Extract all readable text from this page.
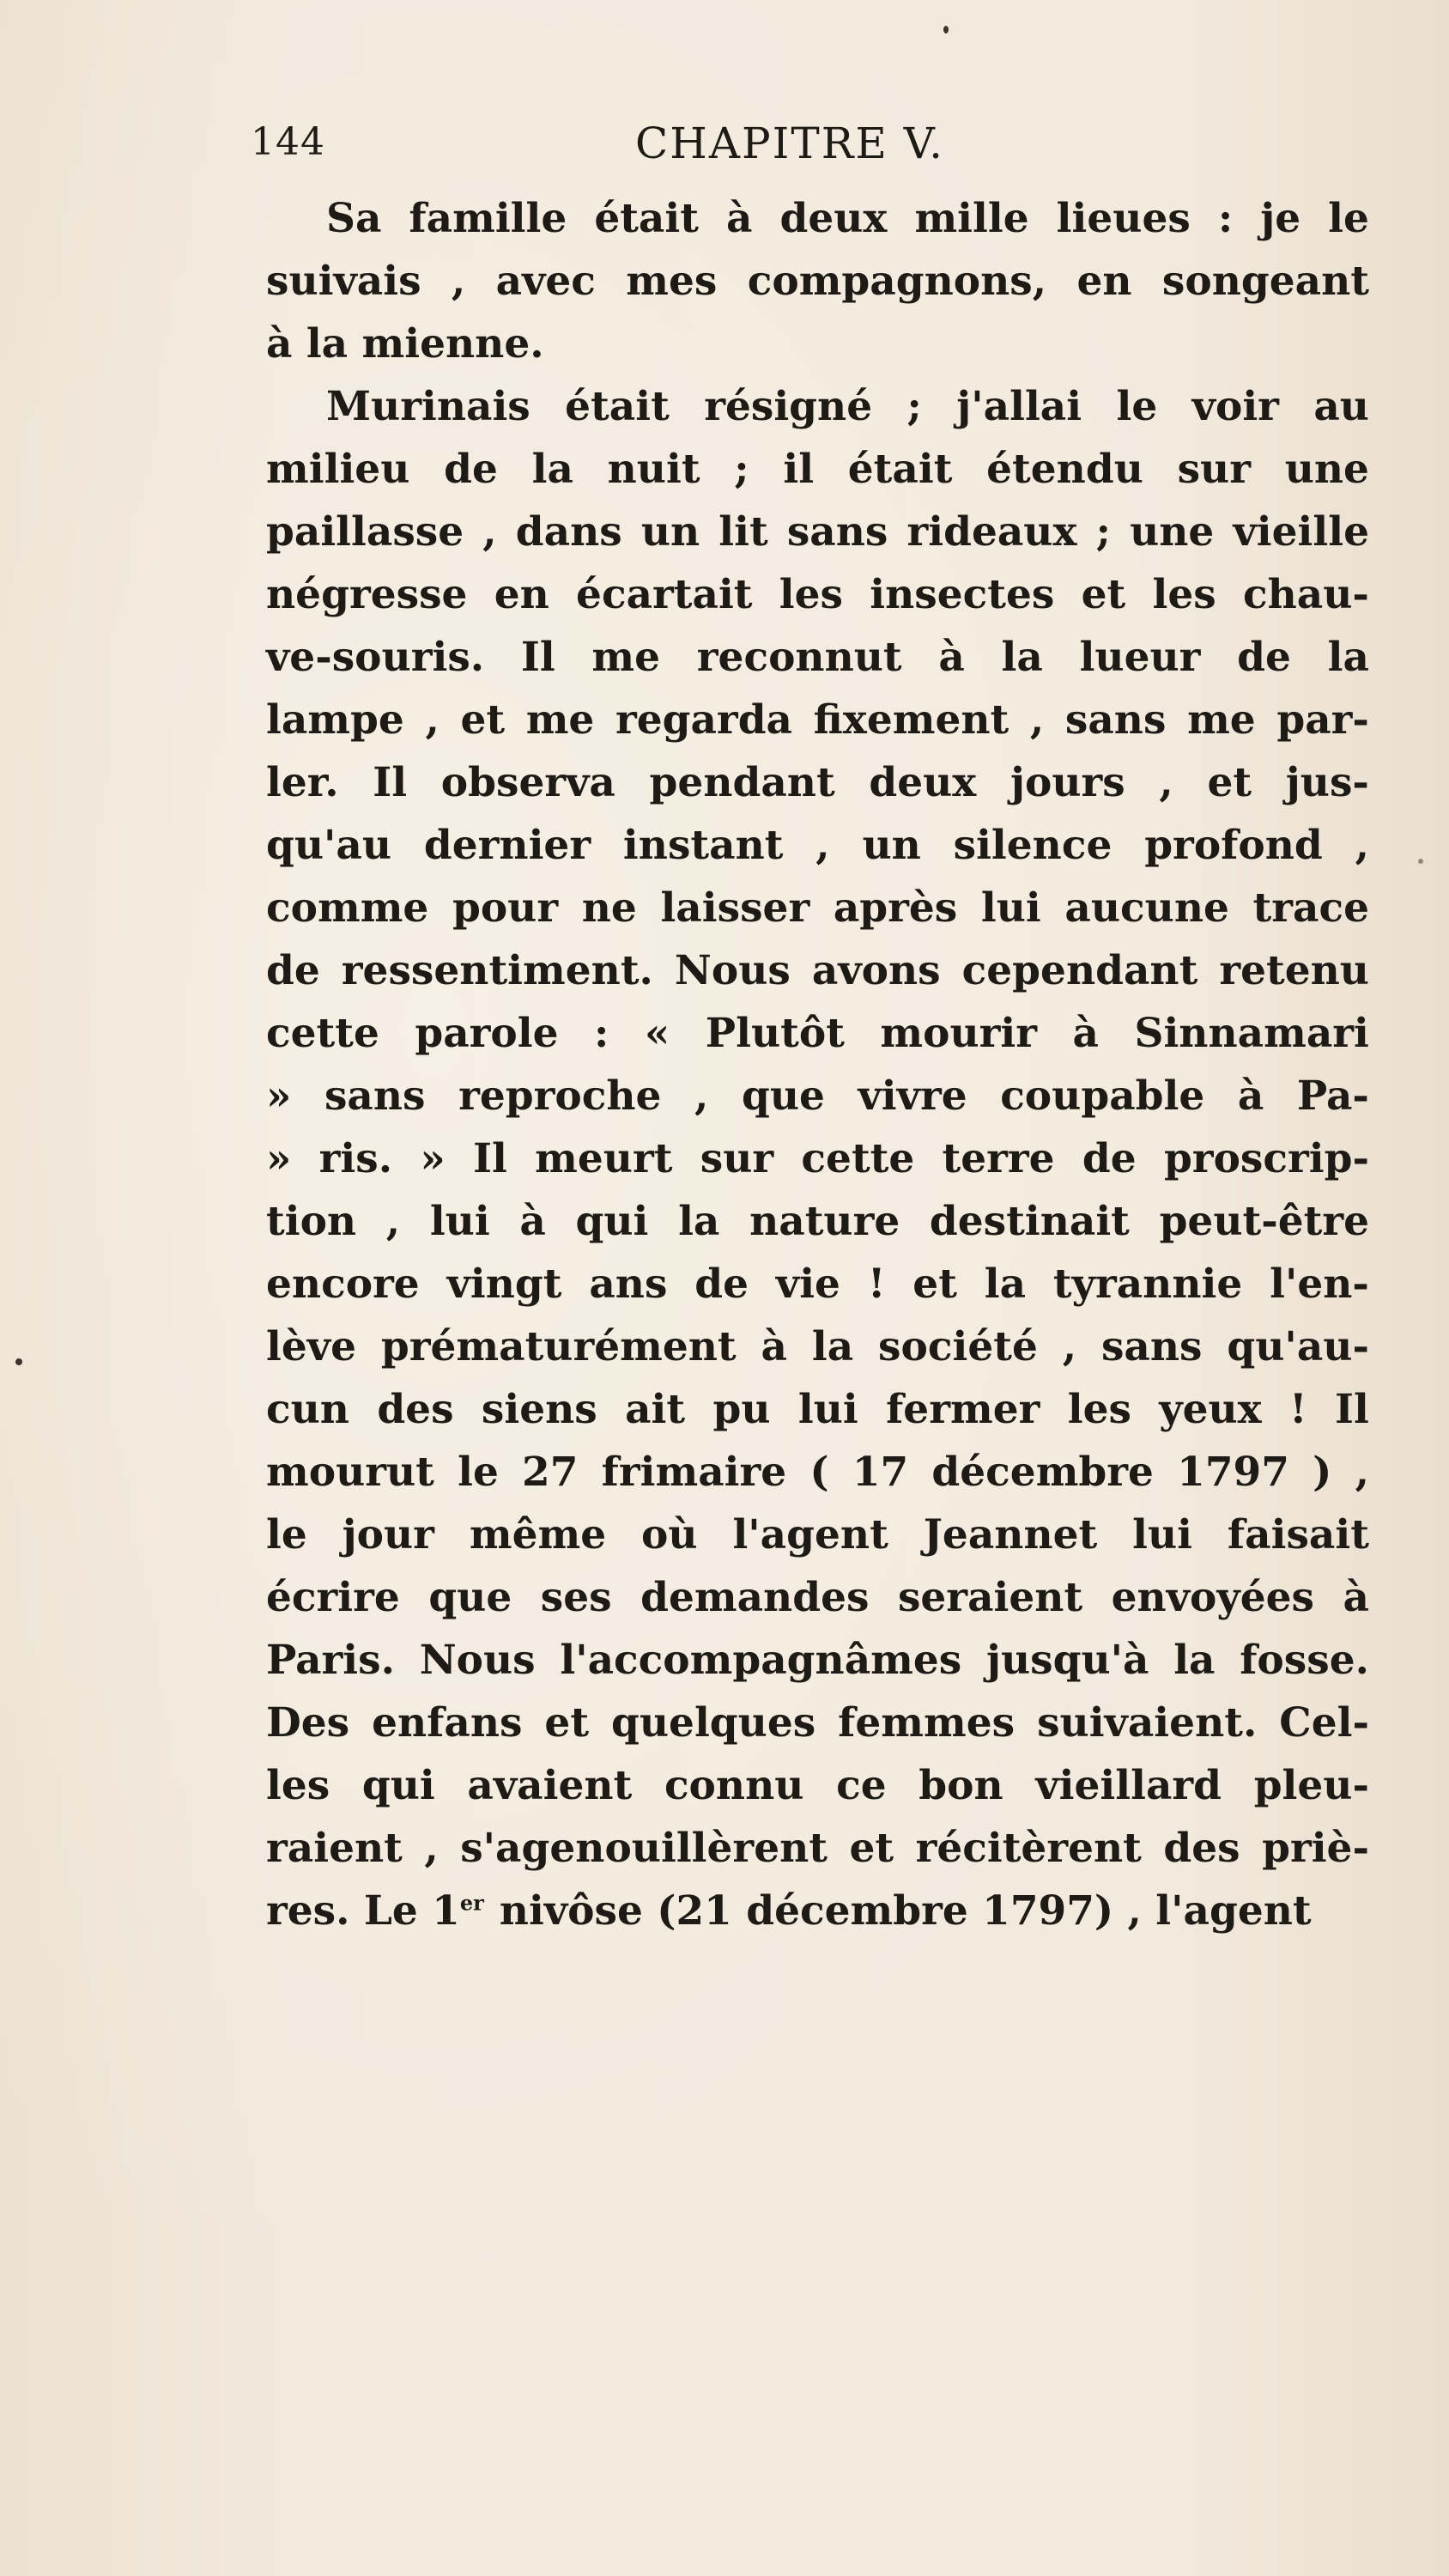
144	CHAPITRE V.
Sa famille était à deux mille lieues : je le
suivais , avec mes compagnons, en songeant
à la mienne.
Murinais était résigné ; j'allai le voir au
milieu de la nuit ; il était étendu sur une
paillasse , dans un lit sans rideaux ; une vieille
négresse en écartait les insectes et les chau-
ve-souris. Il me reconnut à la lueur de la
lampe , et me regarda fixement , sans me par-
ler. Il observa pendant deux jours , et jus-
qu'au dernier instant , un silence profond ,
comme pour ne laisser après lui aucune trace
de ressentiment. Nous avons cependant retenu
cette parole : « Plutôt mourir à Sinnamari
» sans reproche , que vivre coupable à Pa-
» ris. » Il meurt sur cette terre de proscrip-
tion , lui à qui la nature destinait peut-être
encore vingt ans de vie ! et la tyrannie l'en-
lève prématurément à la société , sans qu'au-
cun des siens ait pu lui fermer les yeux ! Il
mourut le 27 frimaire ( 17 décembre 1797 ) ,
le jour même où l'agent Jeannet lui faisait
écrire que ses demandes seraient envoyées à
Paris. Nous l'accompagnâmes jusqu'à la fosse.
Des enfans et quelques femmes suivaient. Cel-
les qui avaient connu ce bon vieillard pleu-
raient , s'agenouillèrent et récitèrent des priè-
res. Le 1er nivôse (21 décembre 1797) , l'agent
